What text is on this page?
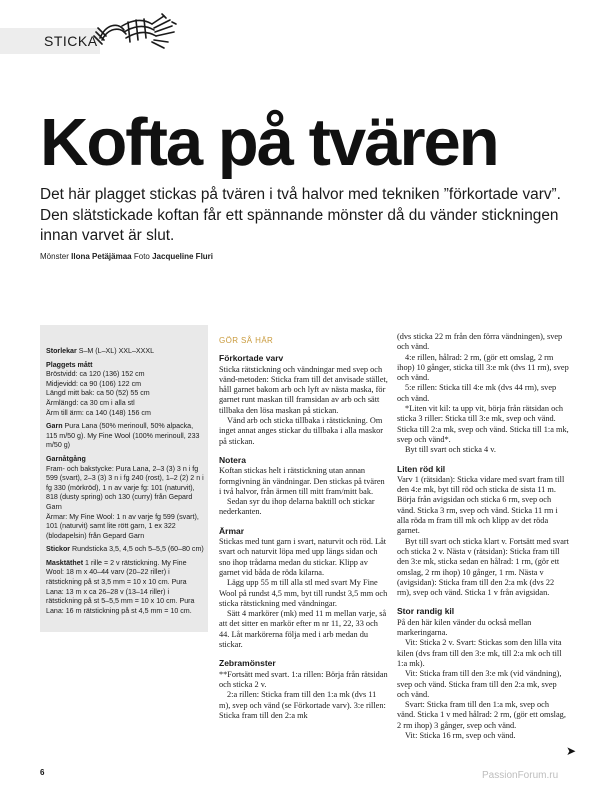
STICKA
Kofta på tvären

Det här plagget stickas på tvären i två halvor med tekniken ”förkortade varv”. Den slätstickade koftan får ett spännande mönster då du vänder stickningen innan varvet är slut.

Mönster Ilona Petäjämaa Foto Jacqueline Fluri
Storlekar S–M (L–XL) XXL–XXXL
Plaggets mått
Bröstvidd: ca 120 (136) 152 cm
Midjevidd: ca 90 (106) 122 cm
Längd mitt bak: ca 50 (52) 55 cm
Ärmlängd: ca 30 cm i alla stl
Ärm till ärm: ca 140 (148) 156 cm
Garn Pura Lana (50% merinoull, 50% alpacka, 115 m/50 g). My Fine Wool (100% merinoull, 233 m/50 g)
Garnåtgång
Fram- och bakstycke: Pura Lana, 2–3 (3) 3 n i fg 599 (svart), 2–3 (3) 3 n i fg 240 (rost), 1–2 (2) 2 n i fg 330 (mörkröd), 1 n av varje fg: 101 (naturvit), 818 (dusty spring) och 130 (curry) från Gepard Garn
Ärmar: My Fine Wool: 1 n av varje fg 599 (svart), 101 (naturvit) samt lite rött garn, 1 ex 322 (blodapelsin) från Gepard Garn
Stickor Rundsticka 3,5, 4,5 och 5–5,5 (60–80 cm)
Masktäthet 1 rille = 2 v rätstickning. My Fine Wool: 18 m x 40–44 varv (20–22 riller) i rätstickning på st 3,5 mm = 10 x 10 cm. Pura Lana: 13 m x ca 26–28 v (13–14 riller) i rätstickning på st 5–5,5 mm = 10 x 10 cm. Pura Lana: 16 m rätstickning på st 4,5 mm = 10 cm.
GÖR SÅ HÄR
Förkortade varv
Sticka rätstickning och vändningar med svep och vänd-metoden: Sticka fram till det anvisade stället, håll garnet bakom arb och lyft av nästa maska, för garnet runt maskan till framsidan av arb och sätt tillbaka den lösa maskan på stickan.
Vänd arb och sticka tillbaka i rätstickning. Om inget annat anges stickar du tillbaka i alla maskor på stickan.
Notera
Koftan stickas helt i rätstickning utan annan formgivning än vändningar. Den stickas på tvären i två halvor, från ärmen till mitt fram/mitt bak.
Sedan syr du ihop delarna baktill och stickar nederkanten.
Ärmar
Stickas med tunt garn i svart, naturvit och röd. Låt svart och naturvit löpa med upp längs sidan och sno ihop trådarna medan du stickar. Klipp av garnet vid båda de röda kilarna.
Lägg upp 55 m till alla stl med svart My Fine Wool på rundst 4,5 mm, byt till rundst 3,5 mm och sticka rätstickning med vändningar.
Sätt 4 markörer (mk) med 11 m mellan varje, så att det sitter en markör efter m nr 11, 22, 33 och 44. Låt markörerna följa med i arb medan du stickar.
Zebramönster
**Fortsätt med svart. 1:a rillen: Börja från rätsidan och sticka 2 v.
2:a rillen: Sticka fram till den 1:a mk (dvs 11 m), svep och vänd (se Förkortade varv). 3:e rillen: Sticka fram till den 2:a mk
(dvs sticka 22 m från den förra vändningen), svep och vänd.
4:e rillen, hålrad: 2 rm, (gör ett omslag, 2 rm ihop) 10 gånger, sticka till 3:e mk (dvs 11 rm), svep och vänd.
5:e rillen: Sticka till 4:e mk (dvs 44 rm), svep och vänd.
*Liten vit kil: ta upp vit, börja från rätsidan och sticka 3 riller: Sticka till 3:e mk, svep och vänd. Sticka till 2:a mk, svep och vänd. Sticka till 1:a mk, svep och vänd*.
Byt till svart och sticka 4 v.
Liten röd kil
Varv 1 (rätsidan): Sticka vidare med svart fram till den 4:e mk, byt till röd och sticka de sista 11 m. Börja från avigsidan och sticka 6 rm, svep och vänd. Sticka 3 rm, svep och vänd. Sticka 11 rm i alla röda m fram till mk och klipp av det röda garnet.
Byt till svart och sticka klart v. Fortsätt med svart och sticka 2 v. Nästa v (rätsidan): Sticka fram till den 3:e mk, sticka sedan en hålrad: 1 rm, (gör ett omslag, 2 rm ihop) 10 gånger, 1 rm. Nästa v (avigsidan): Sticka fram till den 2:a mk (dvs 22 rm), svep och vänd. Sticka 1 v från avigsidan.
Stor randig kil
På den här kilen vänder du också mellan markeringarna.
Vit: Sticka 2 v. Svart: Stickas som den lilla vita kilen (dvs fram till den 3:e mk, till 2:a mk och till 1:a mk).
Vit: Sticka fram till den 3:e mk (vid vändning), svep och vänd. Sticka fram till den 2:a mk, svep och vänd.
Svart: Sticka fram till den 1:a mk, svep och vänd. Sticka 1 v med hålrad: 2 rm, (gör ett omslag, 2 rm ihop) 3 gånger, svep och vänd.
Vit: Sticka 16 rm, svep och vänd.
➤
6	PassionForum.ru
